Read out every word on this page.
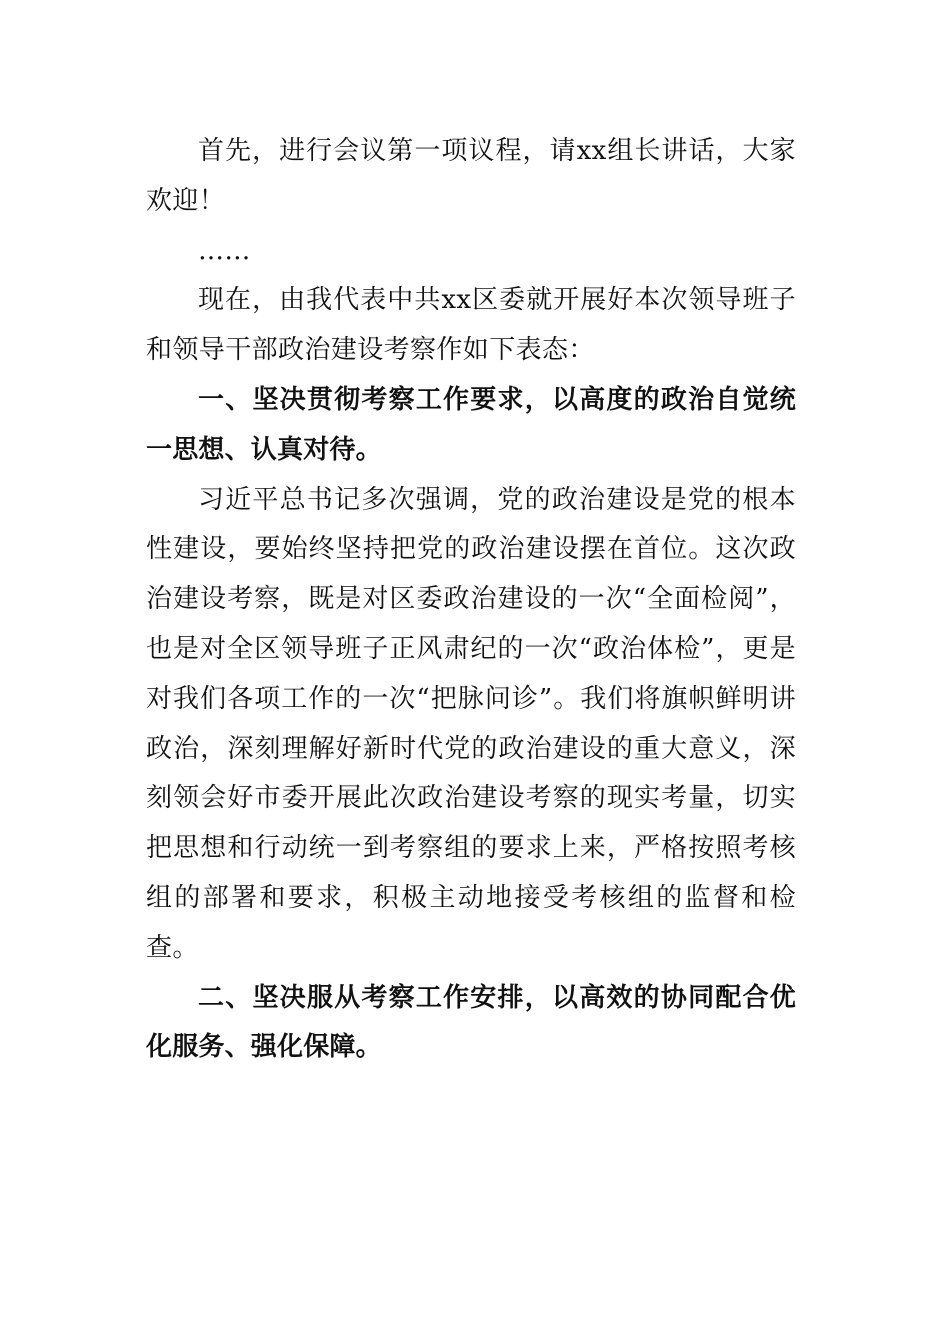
首先，进行会议第一项议程，请xx组长讲话，大家欢迎！

……

现在，由我代表中共xx区委就开展好本次领导班子和领导干部政治建设考察作如下表态：

一、坚决贯彻考察工作要求，以高度的政治自觉统一思想、认真对待。

习近平总书记多次强调，党的政治建设是党的根本性建设，要始终坚持把党的政治建设摆在首位。这次政治建设考察，既是对区委政治建设的一次“全面检阅”，也是对全区领导班子正风肃纪的一次“政治体检”，更是对我们各项工作的一次“把脉问诊”。我们将旗帜鲜明讲政治，深刻理解好新时代党的政治建设的重大意义，深刻领会好市委开展此次政治建设考察的现实考量，切实把思想和行动统一到考察组的要求上来，严格按照考核组的部署和要求，积极主动地接受考核组的监督和检查。

二、坚决服从考察工作安排，以高效的协同配合优化服务、强化保障。
